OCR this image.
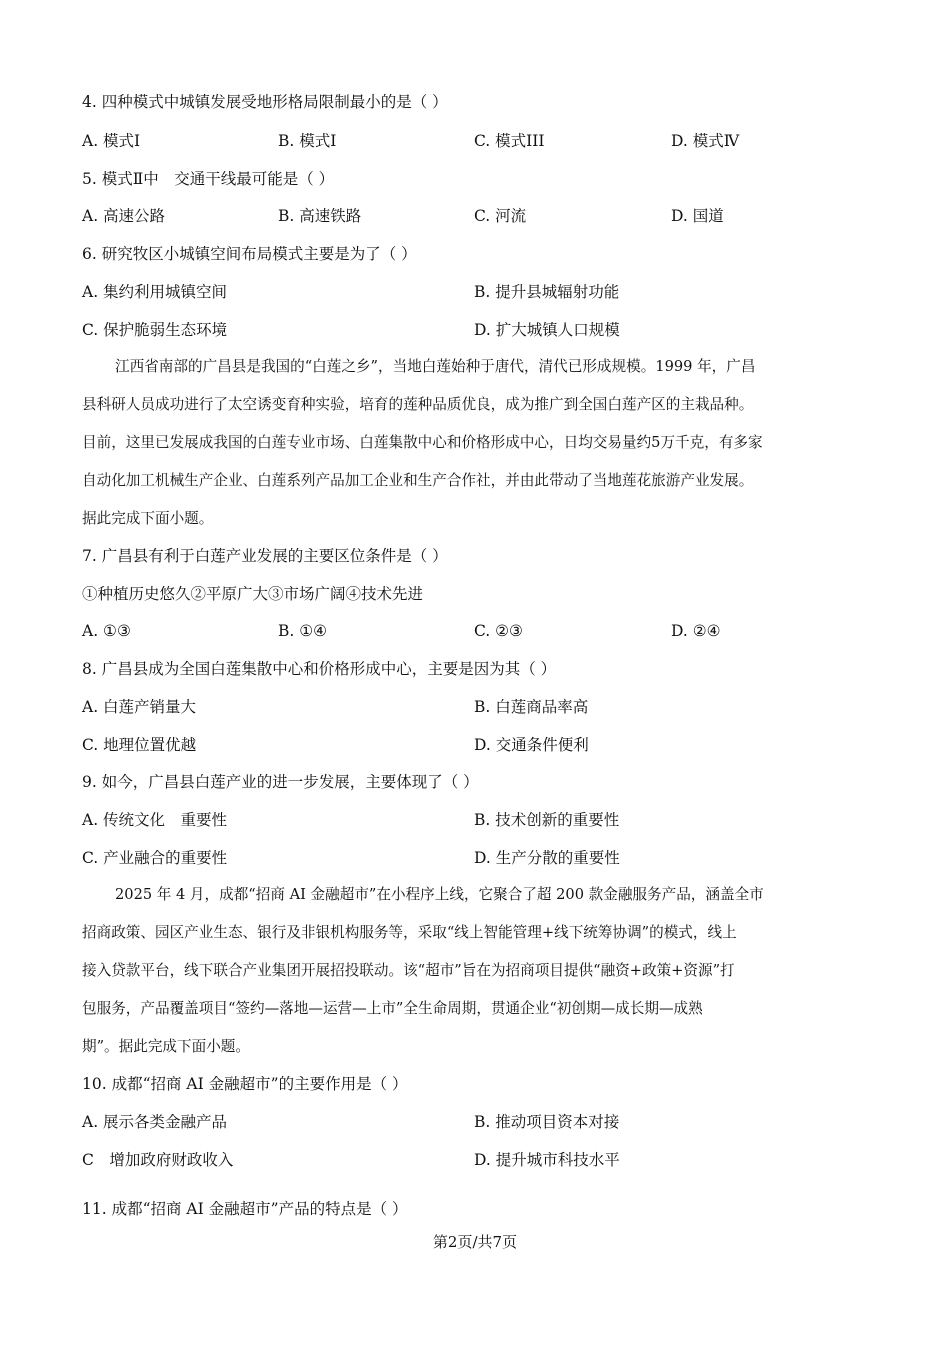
4. 四种模式中城镇发展受地形格局限制最小的是（ ）
A. 模式Ⅰ	B. 模式Ⅰ	C. 模式III	D. 模式Ⅳ
5. 模式Ⅱ中　交通干线最可能是（ ）
A. 高速公路	B. 高速铁路	C. 河流	D. 国道
6. 研究牧区小城镇空间布局模式主要是为了（ ）
A. 集约利用城镇空间	B. 提升县城辐射功能
C. 保护脆弱生态环境	D. 扩大城镇人口规模
江西省南部的广昌县是我国的“白莲之乡”，当地白莲始种于唐代，清代已形成规模。1999 年，广昌
县科研人员成功进行了太空诱变育种实验，培育的莲种品质优良，成为推广到全国白莲产区的主栽品种。
目前，这里已发展成我国的白莲专业市场、白莲集散中心和价格形成中心，日均交易量约5万千克，有多家
自动化加工机械生产企业、白莲系列产品加工企业和生产合作社，并由此带动了当地莲花旅游产业发展。
据此完成下面小题。
7. 广昌县有利于白莲产业发展的主要区位条件是（ ）
①种植历史悠久②平原广大③市场广阔④技术先进
A. ①③	B. ①④	C. ②③	D. ②④
8. 广昌县成为全国白莲集散中心和价格形成中心，主要是因为其（ ）
A. 白莲产销量大	B. 白莲商品率高
C. 地理位置优越	D. 交通条件便利
9. 如今，广昌县白莲产业的进一步发展，主要体现了（ ）
A. 传统文化　重要性	B. 技术创新的重要性
C. 产业融合的重要性	D. 生产分散的重要性
2025 年 4 月，成都“招商 AI 金融超市”在小程序上线，它聚合了超 200 款金融服务产品，涵盖全市
招商政策、园区产业生态、银行及非银机构服务等，采取“线上智能管理+线下统筹协调”的模式，线上
接入贷款平台，线下联合产业集团开展招投联动。该“超市”旨在为招商项目提供“融资+政策+资源”打
包服务，产品覆盖项目“签约—落地—运营—上市”全生命周期，贯通企业“初创期—成长期—成熟
期”。据此完成下面小题。
10. 成都“招商 AI 金融超市”的主要作用是（ ）
A. 展示各类金融产品	B. 推动项目资本对接
C　增加政府财政收入	D. 提升城市科技水平
11. 成都“招商 AI 金融超市”产品的特点是（ ）
第2页/共7页
